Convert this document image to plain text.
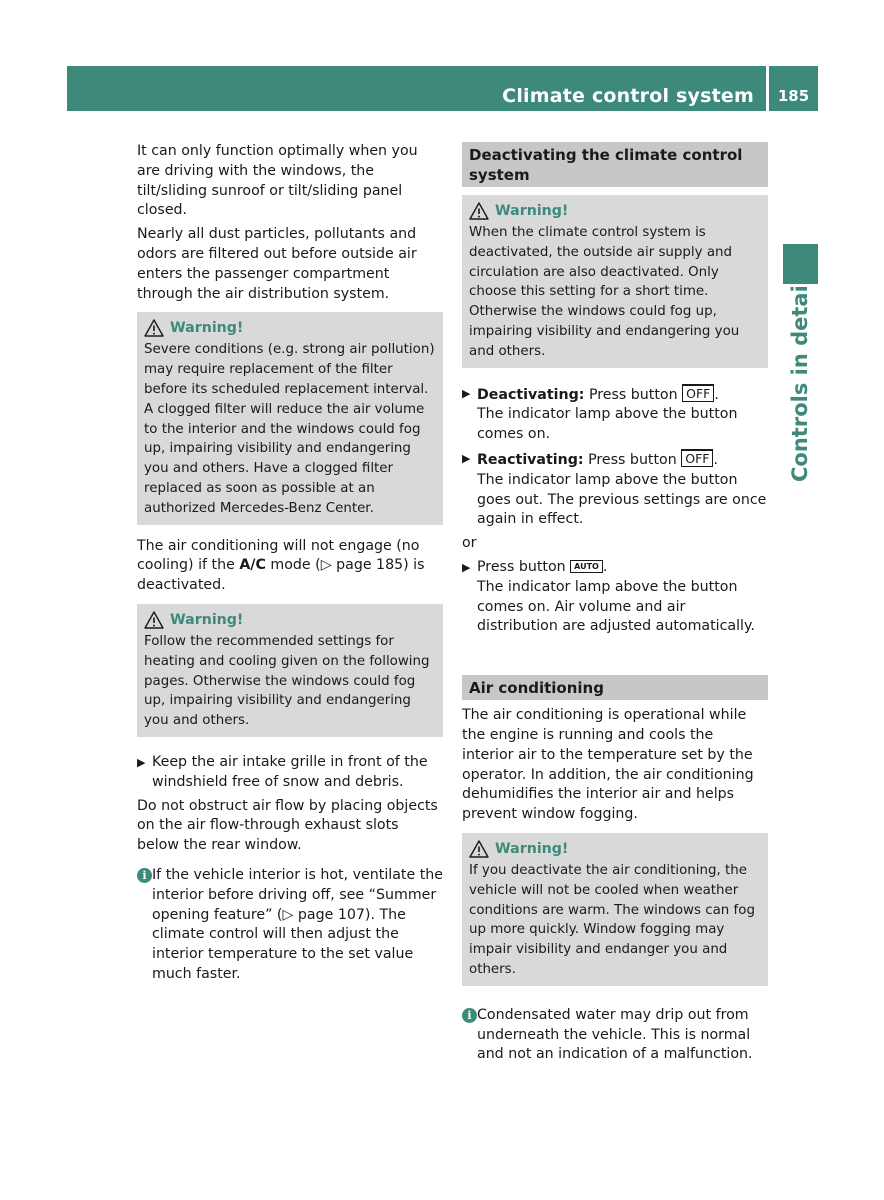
Climate control system	185
Controls in detail

It can only function optimally when you are driving with the windows, the tilt/sliding sunroof or tilt/sliding panel closed.

Nearly all dust particles, pollutants and odors are filtered out before outside air enters the passenger compartment through the air distribution system.

Warning!
Severe conditions (e.g. strong air pollution) may require replacement of the filter before its scheduled replacement interval. A clogged filter will reduce the air volume to the interior and the windows could fog up, impairing visibility and endangering you and others. Have a clogged filter replaced as soon as possible at an authorized Mercedes-Benz Center.

The air conditioning will not engage (no cooling) if the A/C mode (▷ page 185) is deactivated.

Warning!
Follow the recommended settings for heating and cooling given on the following pages. Otherwise the windows could fog up, impairing visibility and endangering you and others.
▶ Keep the air intake grille in front of the windshield free of snow and debris.

Do not obstruct air flow by placing objects on the air flow-through exhaust slots below the rear window.

i If the vehicle interior is hot, ventilate the interior before driving off, see “Summer opening feature” (▷ page 107). The climate control will then adjust the interior temperature to the set value much faster.
Deactivating the climate control system
Warning!
When the climate control system is deactivated, the outside air supply and circulation are also deactivated. Only choose this setting for a short time. Otherwise the windows could fog up, impairing visibility and endangering you and others.
▶ Deactivating: Press button OFF .
The indicator lamp above the button comes on.
▶ Reactivating: Press button OFF .
The indicator lamp above the button goes out. The previous settings are once again in effect.

or

▶ Press button AUTO .
The indicator lamp above the button comes on. Air volume and air distribution are adjusted automatically.
Air conditioning

The air conditioning is operational while the engine is running and cools the interior air to the temperature set by the operator. In addition, the air conditioning dehumidifies the interior air and helps prevent window fogging.

Warning!
If you deactivate the air conditioning, the vehicle will not be cooled when weather conditions are warm. The windows can fog up more quickly. Window fogging may impair visibility and endanger you and others.
i Condensated water may drip out from underneath the vehicle. This is normal and not an indication of a malfunction.
